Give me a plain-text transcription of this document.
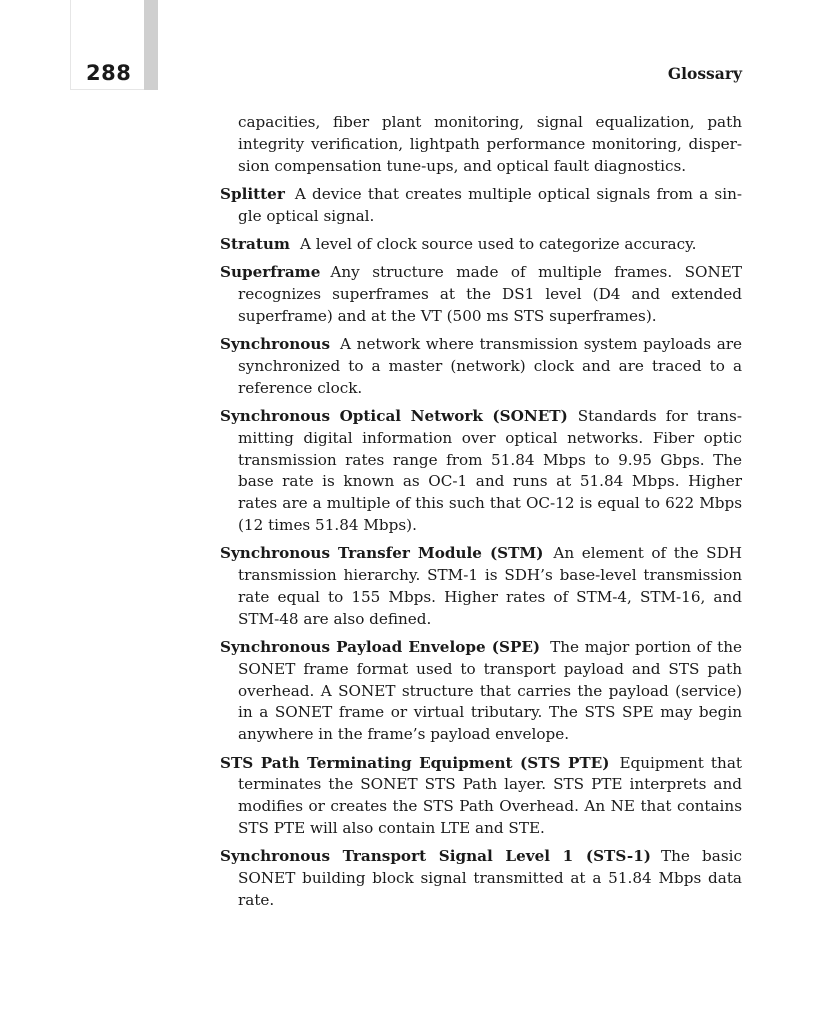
288	Glossary

capacities, fiber plant monitoring, signal equalization, path integrity verification, lightpath performance monitoring, dispersion compensation tune-ups, and optical fault diagnostics.

Splitter A device that creates multiple optical signals from a single optical signal.

Stratum A level of clock source used to categorize accuracy.

Superframe Any structure made of multiple frames. SONET recognizes superframes at the DS1 level (D4 and extended superframe) and at the VT (500 ms STS superframes).

Synchronous A network where transmission system payloads are synchronized to a master (network) clock and are traced to a reference clock.

Synchronous Optical Network (SONET) Standards for transmitting digital information over optical networks. Fiber optic transmission rates range from 51.84 Mbps to 9.95 Gbps. The base rate is known as OC-1 and runs at 51.84 Mbps. Higher rates are a multiple of this such that OC-12 is equal to 622 Mbps (12 times 51.84 Mbps).

Synchronous Transfer Module (STM) An element of the SDH transmission hierarchy. STM-1 is SDH’s base-level transmission rate equal to 155 Mbps. Higher rates of STM-4, STM-16, and STM-48 are also defined.

Synchronous Payload Envelope (SPE) The major portion of the SONET frame format used to transport payload and STS path overhead. A SONET structure that carries the payload (service) in a SONET frame or virtual tributary. The STS SPE may begin anywhere in the frame’s payload envelope.

STS Path Terminating Equipment (STS PTE) Equipment that terminates the SONET STS Path layer. STS PTE interprets and modifies or creates the STS Path Overhead. An NE that contains STS PTE will also contain LTE and STE.

Synchronous Transport Signal Level 1 (STS-1) The basic SONET building block signal transmitted at a 51.84 Mbps data rate.
